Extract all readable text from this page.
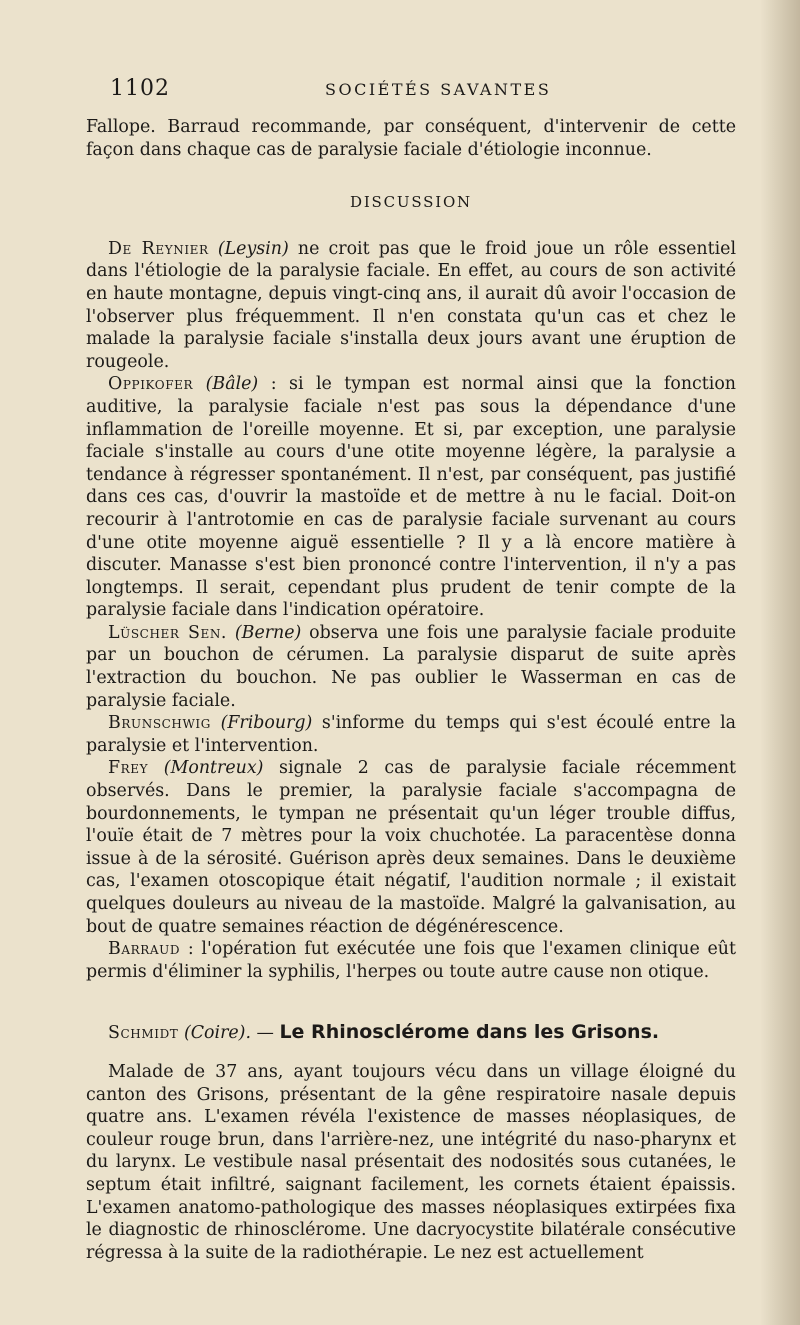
1102	SOCIÉTÉS SAVANTES

Fallope. Barraud recommande, par conséquent, d'intervenir de cette façon dans chaque cas de paralysie faciale d'étiologie inconnue.

DISCUSSION

De Reynier (Leysin) ne croit pas que le froid joue un rôle essentiel dans l'étiologie de la paralysie faciale. En effet, au cours de son activité en haute montagne, depuis vingt-cinq ans, il aurait dû avoir l'occasion de l'observer plus fréquemment. Il n'en constata qu'un cas et chez le malade la paralysie faciale s'installa deux jours avant une éruption de rougeole.

Oppikofer (Bâle) : si le tympan est normal ainsi que la fonction auditive, la paralysie faciale n'est pas sous la dépendance d'une inflammation de l'oreille moyenne. Et si, par exception, une paralysie faciale s'installe au cours d'une otite moyenne légère, la paralysie a tendance à régresser spontanément. Il n'est, par conséquent, pas justifié dans ces cas, d'ouvrir la mastoïde et de mettre à nu le facial. Doit-on recourir à l'antrotomie en cas de paralysie faciale survenant au cours d'une otite moyenne aiguë essentielle ? Il y a là encore matière à discuter. Manasse s'est bien prononcé contre l'intervention, il n'y a pas longtemps. Il serait, cependant plus prudent de tenir compte de la paralysie faciale dans l'indication opératoire.

Lüscher Sen. (Berne) observa une fois une paralysie faciale produite par un bouchon de cérumen. La paralysie disparut de suite après l'extraction du bouchon. Ne pas oublier le Wasserman en cas de paralysie faciale.

Brunschwig (Fribourg) s'informe du temps qui s'est écoulé entre la paralysie et l'intervention.

Frey (Montreux) signale 2 cas de paralysie faciale récemment observés. Dans le premier, la paralysie faciale s'accompagna de bourdonnements, le tympan ne présentait qu'un léger trouble diffus, l'ouïe était de 7 mètres pour la voix chuchotée. La paracentèse donna issue à de la sérosité. Guérison après deux semaines. Dans le deuxième cas, l'examen otoscopique était négatif, l'audition normale ; il existait quelques douleurs au niveau de la mastoïde. Malgré la galvanisation, au bout de quatre semaines réaction de dégénérescence.

Barraud : l'opération fut exécutée une fois que l'examen clinique eût permis d'éliminer la syphilis, l'herpes ou toute autre cause non otique.

Schmidt (Coire). — Le Rhinosclérome dans les Grisons.

Malade de 37 ans, ayant toujours vécu dans un village éloigné du canton des Grisons, présentant de la gêne respiratoire nasale depuis quatre ans. L'examen révéla l'existence de masses néoplasiques, de couleur rouge brun, dans l'arrière-nez, une intégrité du naso-pharynx et du larynx. Le vestibule nasal présentait des nodosités sous cutanées, le septum était infiltré, saignant facilement, les cornets étaient épaissis. L'examen anatomo-pathologique des masses néoplasiques extirpées fixa le diagnostic de rhinosclérome. Une dacryocystite bilatérale consécutive régressa à la suite de la radiothérapie. Le nez est actuellement
